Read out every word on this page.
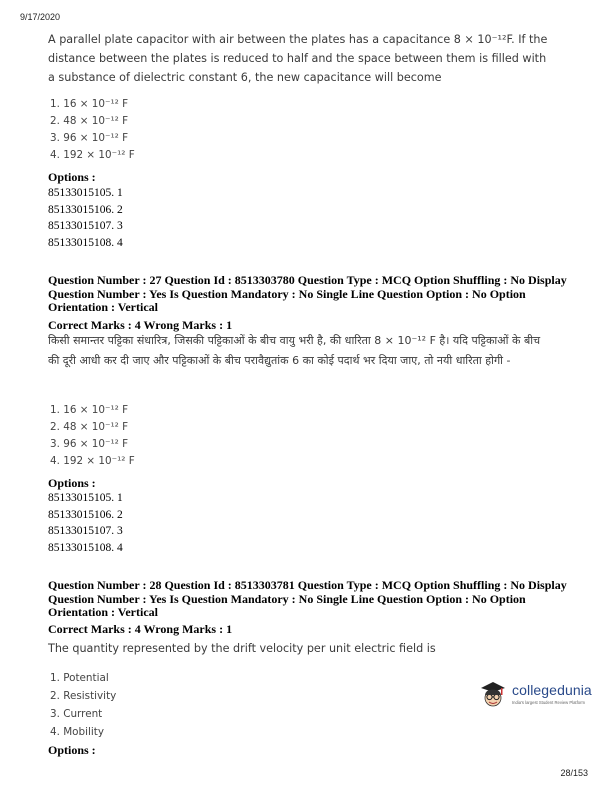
9/17/2020
A parallel plate capacitor with air between the plates has a capacitance 8 × 10⁻¹²F. If the distance between the plates is reduced to half and the space between them is filled with a substance of dielectric constant 6, the new capacitance will become
1. 16 × 10⁻¹² F
2. 48 × 10⁻¹² F
3. 96 × 10⁻¹² F
4. 192 × 10⁻¹² F
Options :
85133015105. 1
85133015106. 2
85133015107. 3
85133015108. 4
Question Number : 27 Question Id : 8513303780 Question Type : MCQ Option Shuffling : No Display
Question Number : Yes Is Question Mandatory : No Single Line Question Option : No Option
Orientation : Vertical
Correct Marks : 4 Wrong Marks : 1
किसी समान्तर पट्टिका संधारित्र, जिसकी पट्टिकाओं के बीच वायु भरी है, की धारिता 8 × 10⁻¹² F है। यदि पट्टिकाओं के बीच की दूरी आधी कर दी जाए और पट्टिकाओं के बीच परावैद्युतांक 6 का कोई पदार्थ भर दिया जाए, तो नयी धारिता होगी -
1. 16 × 10⁻¹² F
2. 48 × 10⁻¹² F
3. 96 × 10⁻¹² F
4. 192 × 10⁻¹² F
Options :
85133015105. 1
85133015106. 2
85133015107. 3
85133015108. 4
Question Number : 28 Question Id : 8513303781 Question Type : MCQ Option Shuffling : No Display
Question Number : Yes Is Question Mandatory : No Single Line Question Option : No Option
Orientation : Vertical
Correct Marks : 4 Wrong Marks : 1
The quantity represented by the drift velocity per unit electric field is
1. Potential
2. Resistivity
3. Current
4. Mobility
Options :
collegedunia
India's largest Student Review Platform
28/153
